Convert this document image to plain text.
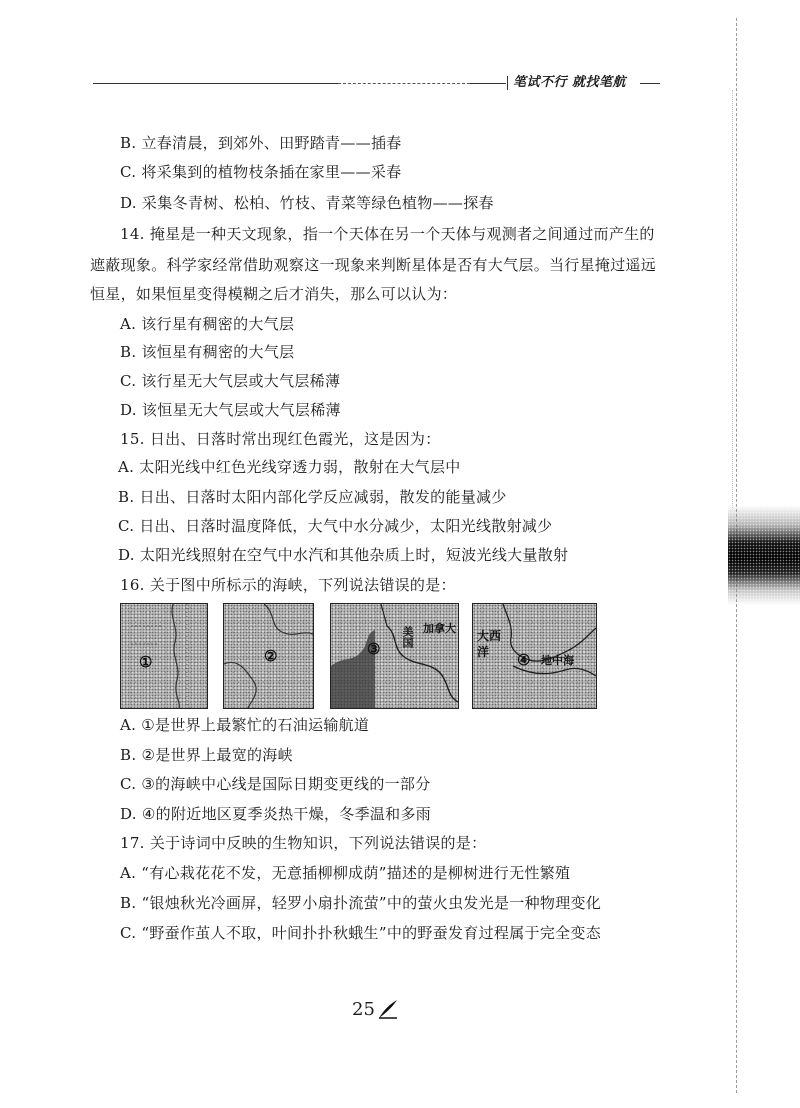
笔试不行 就找笔航
B. 立春清晨，到郊外、田野踏青——插春
C. 将采集到的植物枝条插在家里——采春
D. 采集冬青树、松柏、竹枝、青菜等绿色植物——探春
14. 掩星是一种天文现象，指一个天体在另一个天体与观测者之间通过而产生的
遮蔽现象。科学家经常借助观察这一现象来判断星体是否有大气层。当行星掩过遥远
恒星，如果恒星变得模糊之后才消失，那么可以认为：
A. 该行星有稠密的大气层
B. 该恒星有稠密的大气层
C. 该行星无大气层或大气层稀薄
D. 该恒星无大气层或大气层稀薄
15. 日出、日落时常出现红色霞光，这是因为：
A. 太阳光线中红色光线穿透力弱，散射在大气层中
B. 日出、日落时太阳内部化学反应减弱，散发的能量减少
C. 日出、日落时温度降低，大气中水分减少，太阳光线散射减少
D. 太阳光线照射在空气中水汽和其他杂质上时，短波光线大量散射
16. 关于图中所标示的海峡，下列说法错误的是：
①	②	③
美国 加拿大
大西洋	④ 地中海
A. ①是世界上最繁忙的石油运输航道
B. ②是世界上最宽的海峡
C. ③的海峡中心线是国际日期变更线的一部分
D. ④的附近地区夏季炎热干燥，冬季温和多雨
17. 关于诗词中反映的生物知识，下列说法错误的是：
A. “有心栽花花不发，无意插柳柳成荫”描述的是柳树进行无性繁殖
B. “银烛秋光冷画屏，轻罗小扇扑流萤”中的萤火虫发光是一种物理变化
C. “野蚕作茧人不取，叶间扑扑秋蛾生”中的野蚕发育过程属于完全变态
25
